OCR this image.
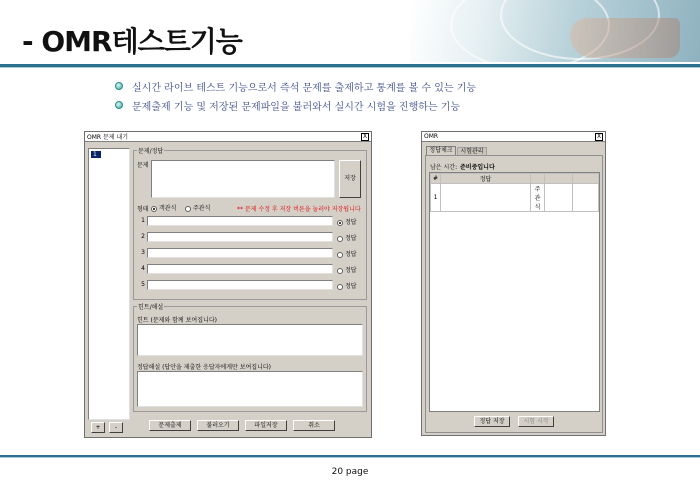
- OMR테스트기능
실시간 라이브 테스트 기능으로서 즉석 문제를 출제하고 통계를 볼 수 있는 기능
문제출제 기능 및 저장된 문제파일을 불러와서 실시간 시험을 진행하는 기능
OMR 문제 내기	X
1
+	-
문제/정답
문제
저장
형태	객관식	주관식	** 문제 수정 후 저장 버튼을 눌러야 저장됩니다
1	정답
2	정답
3	정답
4	정답
5	정답
힌트/해설
힌트 (문제와 함께 보여집니다)
정답해설 (답안을 제출한 응답자에게만 보여집니다)
문제출제	불러오기	파일저장	취소
OMR	X
정답체크	시험관리
남은 시간: 준비중입니다
#	정답			
1		주관식		
정답 저장	시험 시작
20 page
